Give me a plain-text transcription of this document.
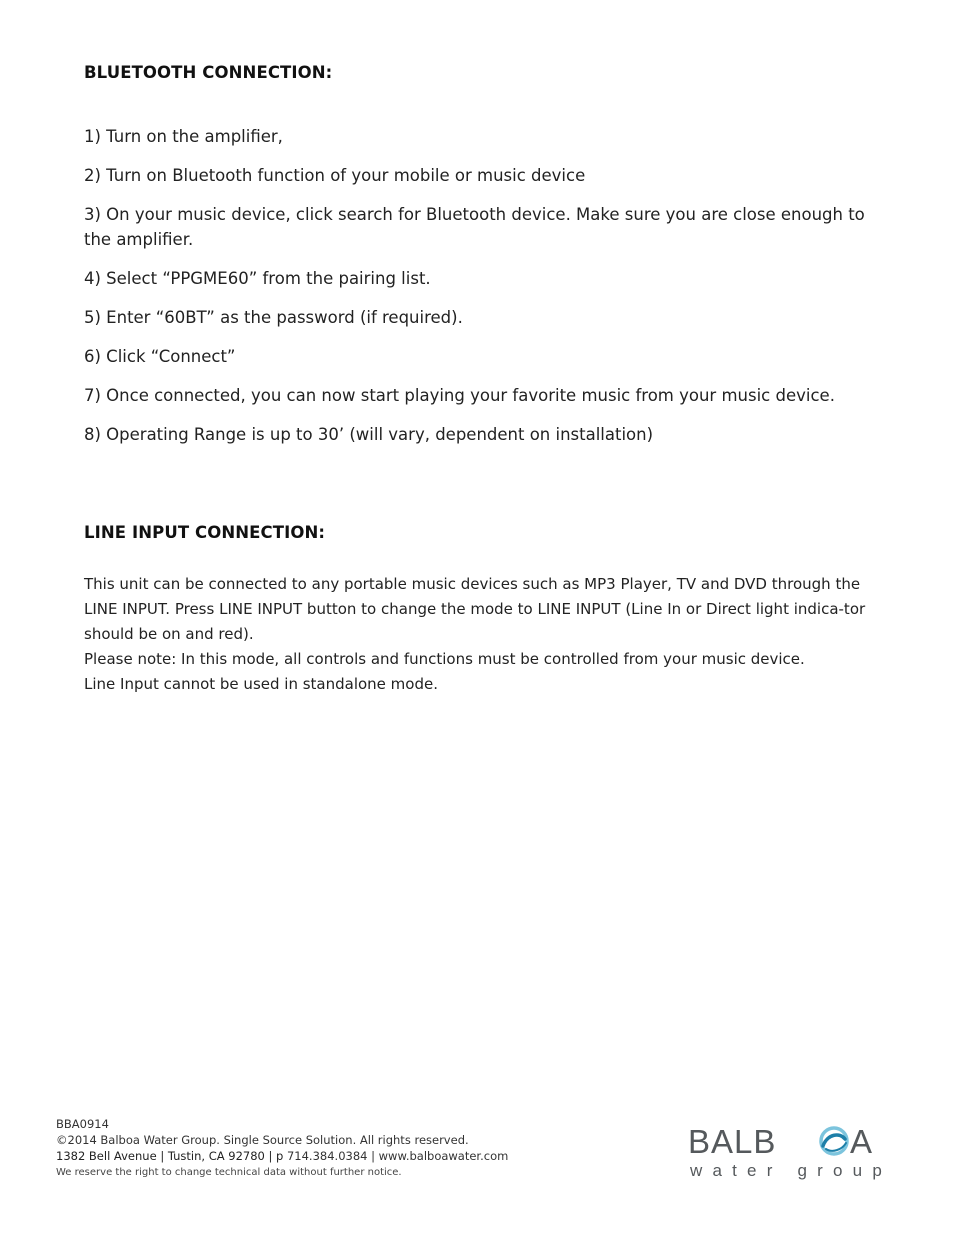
BLUETOOTH CONNECTION:
1) Turn on the amplifier,
2) Turn on Bluetooth function of your mobile or music device
3) On your music device, click search for Bluetooth device. Make sure you are close enough to the amplifier.
4) Select “PPGME60” from the pairing list.
5) Enter “60BT” as the password (if required).
6) Click “Connect”
7) Once connected, you can now start playing your favorite music from your music device.
8) Operating Range is up to 30’ (will vary, dependent on installation)
LINE INPUT CONNECTION:

This unit can be connected to any portable music devices such as MP3 Player, TV and DVD through the LINE INPUT. Press LINE INPUT button to change the mode to LINE INPUT (Line In or Direct light indica-tor should be on and red).

Please note: In this mode, all controls and functions must be controlled from your music device.

Line Input cannot be used in standalone mode.

BBA0914
©2014 Balboa Water Group. Single Source Solution. All rights reserved.
1382 Bell Avenue | Tustin, CA 92780 | p 714.384.0384 | www.balboawater.com
We reserve the right to change technical data without further notice.
BALB A
water group
